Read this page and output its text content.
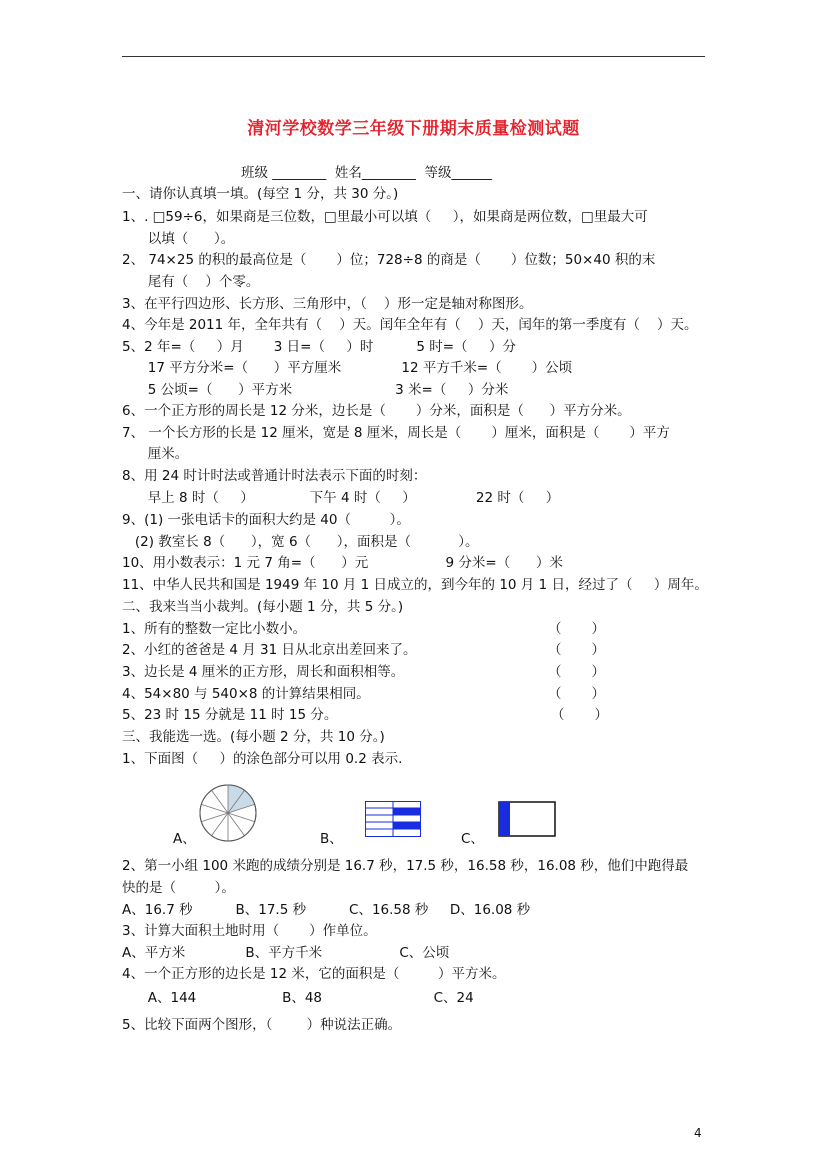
清河学校数学三年级下册期末质量检测试题
班级 ________  姓名________  等级______
一、请你认真填一填。(每空 1 分，共 30 分。)
1、. □59÷6，如果商是三位数，□里最小可以填（     ），如果商是两位数，□里最大可
以填（      ）。
2、 74×25 的积的最高位是（       ）位；728÷8 的商是（       ）位数；50×40 积的末
尾有（    ）个零。
3、在平行四边形、长方形、三角形中，（    ）形一定是轴对称图形。
4、今年是 2011 年，全年共有（    ）天。闰年全年有（    ）天，闰年的第一季度有（    ）天。
5、2 年=（     ）月       3 日=（     ）时          5 时=（     ）分
17 平方分米=（      ）平方厘米              12 平方千米=（       ）公顷
5 公顷=（      ）平方米                        3 米=（     ）分米
6、一个正方形的周长是 12 分米，边长是（       ）分米，面积是（      ）平方分米。
7、 一个长方形的长是 12 厘米，宽是 8 厘米，周长是（       ）厘米，面积是（       ）平方
厘米。
8、用 24 时计时法或普通计时法表示下面的时刻：
早上 8 时（     ）             下午 4 时（     ）              22 时（     ）
9、(1) 一张电话卡的面积大约是 40（         ）。
(2) 教室长 8（      ），宽 6（      ），面积是（           ）。
10、用小数表示：1 元 7 角=（      ）元                  9 分米=（      ）米
11、中华人民共和国是 1949 年 10 月 1 日成立的，到今年的 10 月 1 日，经过了（     ）周年。
二、我来当当小裁判。(每小题 1 分，共 5 分。)
1、所有的整数一定比小数小。
2、小红的爸爸是 4 月 31 日从北京出差回来了。
3、边长是 4 厘米的正方形，周长和面积相等。
4、54×80 与 540×8 的计算结果相同。
5、23 时 15 分就是 11 时 15 分。
（       ）
（       ）
（       ）
（       ）
（       ）
三、我能选一选。(每小题 2 分，共 10 分。)
1、下面图（     ）的涂色部分可以用 0.2 表示.
A、	B、	C、
2、第一小组 100 米跑的成绩分别是 16.7 秒，17.5 秒，16.58 秒，16.08 秒，他们中跑得最
快的是（         ）。
A、16.7 秒          B、17.5 秒          C、16.58 秒     D、16.08 秒
3、计算大面积土地时用（       ）作单位。
A、平方米              B、平方千米                  C、公顷
4、一个正方形的边长是 12 米，它的面积是（         ）平方米。
A、144                    B、48                          C、24
5、比较下面两个图形，（        ）种说法正确。
4
